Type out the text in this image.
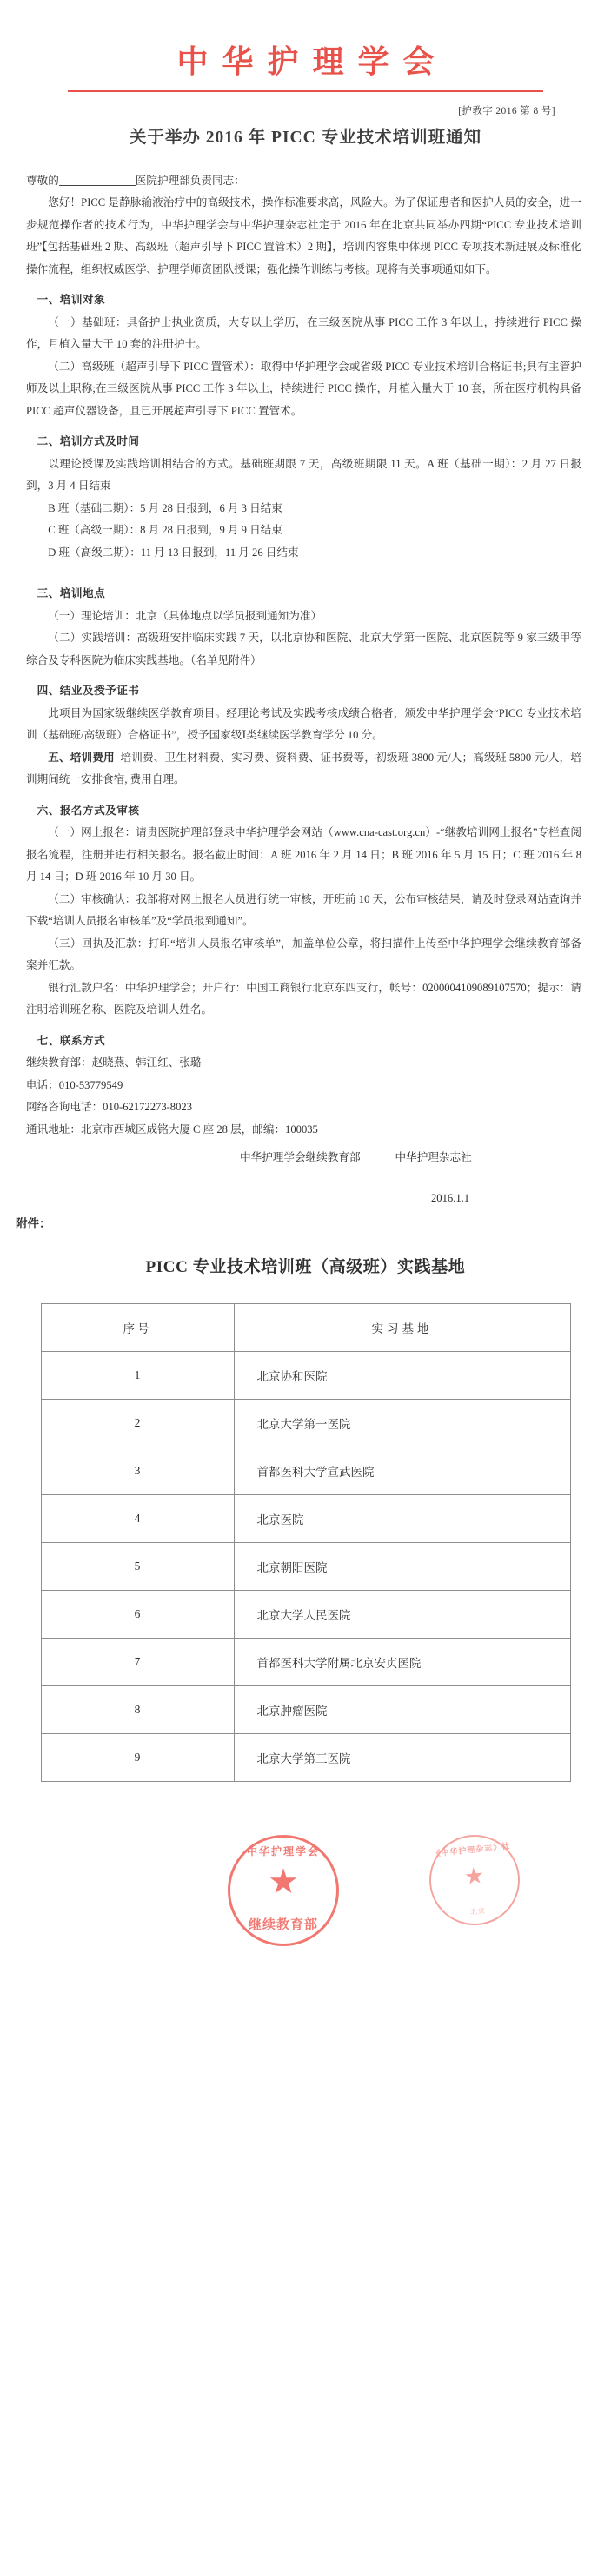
中华护理学会
[护教字 2016 第 8 号]
关于举办 2016 年 PICC 专业技术培训班通知

尊敬的	医院护理部负责同志：

您好！PICC 是静脉输液治疗中的高级技术，操作标准要求高，风险大。为了保证患者和医护人员的安全，进一步规范操作者的技术行为，中华护理学会与中华护理杂志社定于 2016 年在北京共同举办四期“PICC 专业技术培训班”【包括基础班 2 期、高级班（超声引导下 PICC 置管术）2 期】，培训内容集中体现 PICC 专项技术新进展及标准化操作流程，组织权威医学、护理学师资团队授课；强化操作训练与考核。现将有关事项通知如下。

一、培训对象

（一）基础班：具备护士执业资质，大专以上学历，在三级医院从事 PICC 工作 3 年以上，持续进行 PICC 操作，月植入量大于 10 套的注册护士。

（二）高级班（超声引导下 PICC 置管术）：取得中华护理学会或省级 PICC 专业技术培训合格证书;具有主管护师及以上职称;在三级医院从事 PICC 工作 3 年以上，持续进行 PICC 操作，月植入量大于 10 套，所在医疗机构具备 PICC 超声仪器设备，且已开展超声引导下 PICC 置管术。

二、培训方式及时间

以理论授课及实践培训相结合的方式。基础班期限 7 天，高级班期限 11 天。A 班（基础一期）：2 月 27 日报到，3 月 4 日结束

B 班（基础二期）：5 月 28 日报到，6 月 3 日结束

C 班（高级一期）：8 月 28 日报到，9 月 9 日结束

D 班（高级二期）：11 月 13 日报到，11 月 26 日结束

三、培训地点

（一）理论培训：北京（具体地点以学员报到通知为准）

（二）实践培训：高级班安排临床实践 7 天，以北京协和医院、北京大学第一医院、北京医院等 9 家三级甲等综合及专科医院为临床实践基地。（名单见附件）

四、结业及授予证书

此项目为国家级继续医学教育项目。经理论考试及实践考核成绩合格者，颁发中华护理学会“PICC 专业技术培训（基础班/高级班）合格证书”，授予国家级Ⅰ类继续医学教育学分 10 分。

五、培训费用 培训费、卫生材料费、实习费、资料费、证书费等，初级班 3800 元/人；高级班 5800 元/人，培训期间统一安排食宿, 费用自理。

六、报名方式及审核

（一）网上报名：请贵医院护理部登录中华护理学会网站（www.cna-cast.org.cn）-“继教培训网上报名”专栏查阅报名流程，注册并进行相关报名。报名截止时间：A 班 2016 年 2 月 14 日；B 班 2016 年 5 月 15 日；C 班 2016 年 8 月 14 日；D 班 2016 年 10 月 30 日。

（二）审核确认：我部将对网上报名人员进行统一审核，开班前 10 天，公布审核结果，请及时登录网站查询并下载“培训人员报名审核单”及“学员报到通知”。

（三）回执及汇款：打印“培训人员报名审核单”，加盖单位公章，将扫描件上传至中华护理学会继续教育部备案并汇款。

银行汇款户名：中华护理学会；开户行：中国工商银行北京东四支行，帐号：0200004109089107570；提示：请注明培训班名称、医院及培训人姓名。

七、联系方式

继续教育部：赵晓燕、韩江红、张璐

电话：010-53779549

网络咨询电话：010-62172273-8023

通讯地址：北京市西城区成铭大厦 C 座 28 层，邮编：100035

中华护理学会继续教育部	中华护理杂志社
2016.1.1
中华护理学会
★
继续教育部
《中华护理杂志》社
★
北京
附件：
PICC 专业技术培训班（高级班）实践基地
序号	实习基地
1	北京协和医院
2	北京大学第一医院
3	首都医科大学宣武医院
4	北京医院
5	北京朝阳医院
6	北京大学人民医院
7	首都医科大学附属北京安贞医院
8	北京肿瘤医院
9	北京大学第三医院
